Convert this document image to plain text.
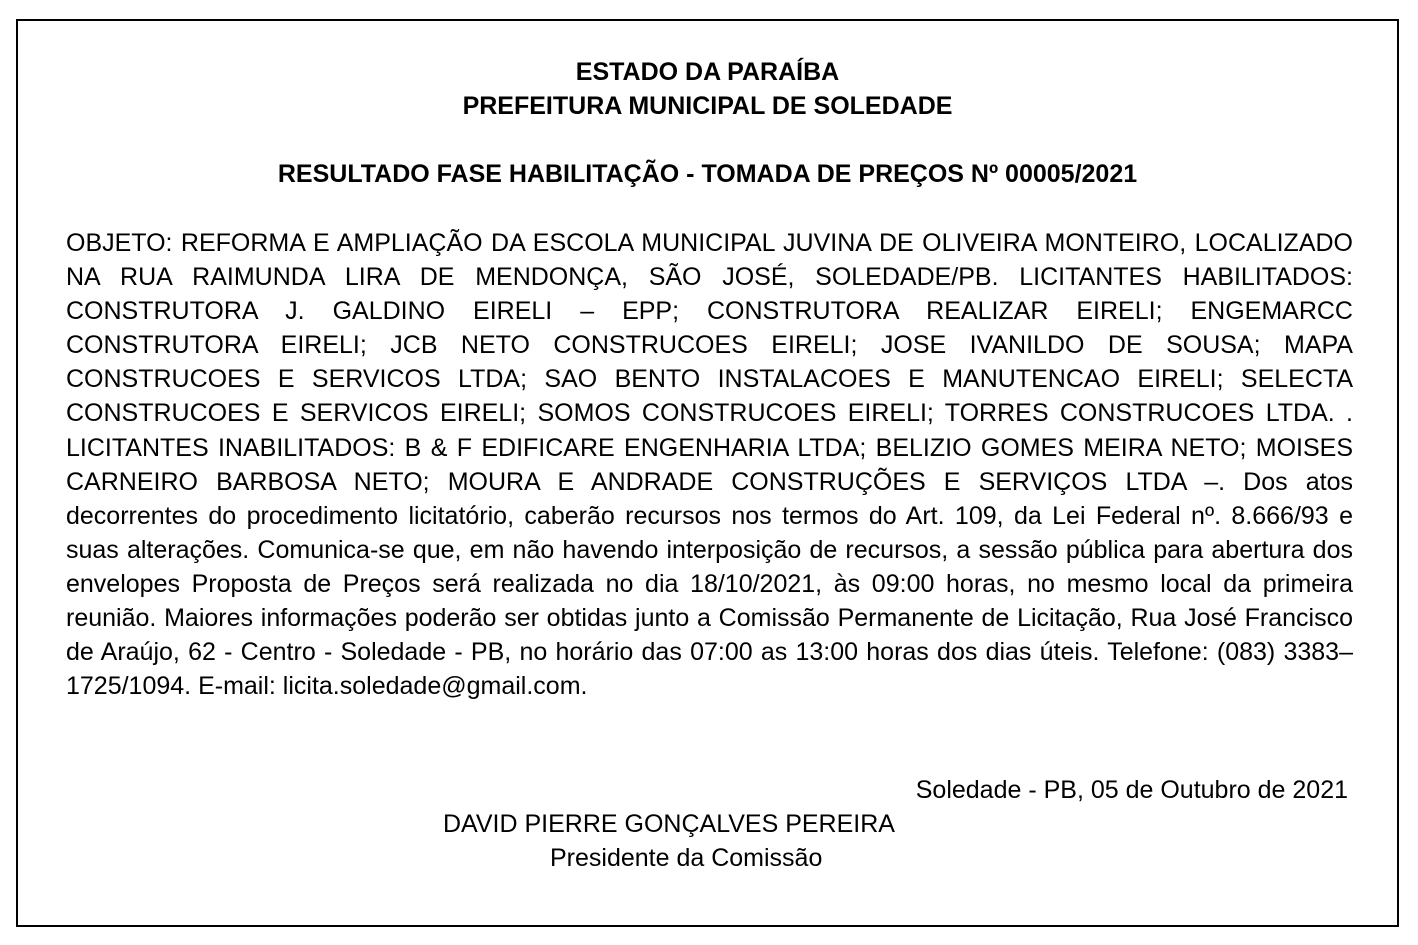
ESTADO DA PARAÍBA
PREFEITURA MUNICIPAL DE SOLEDADE
RESULTADO FASE HABILITAÇÃO - TOMADA DE PREÇOS Nº 00005/2021

OBJETO: REFORMA E AMPLIAÇÃO DA ESCOLA MUNICIPAL JUVINA DE OLIVEIRA MONTEIRO, LOCALIZADO NA RUA RAIMUNDA LIRA DE MENDONÇA, SÃO JOSÉ, SOLEDADE/PB. LICITANTES HABILITADOS: CONSTRUTORA J. GALDINO EIRELI – EPP; CONSTRUTORA REALIZAR EIRELI; ENGEMARCC CONSTRUTORA EIRELI; JCB NETO CONSTRUCOES EIRELI; JOSE IVANILDO DE SOUSA; MAPA CONSTRUCOES E SERVICOS LTDA; SAO BENTO INSTALACOES E MANUTENCAO EIRELI; SELECTA CONSTRUCOES E SERVICOS EIRELI; SOMOS CONSTRUCOES EIRELI; TORRES CONSTRUCOES LTDA. . LICITANTES INABILITADOS: B & F EDIFICARE ENGENHARIA LTDA; BELIZIO GOMES MEIRA NETO; MOISES CARNEIRO BARBOSA NETO; MOURA E ANDRADE CONSTRUÇÕES E SERVIÇOS LTDA –. Dos atos decorrentes do procedimento licitatório, caberão recursos nos termos do Art. 109, da Lei Federal nº. 8.666/93 e suas alterações. Comunica-se que, em não havendo interposição de recursos, a sessão pública para abertura dos envelopes Proposta de Preços será realizada no dia 18/10/2021, às 09:00 horas, no mesmo local da primeira reunião. Maiores informações poderão ser obtidas junto a Comissão Permanente de Licitação, Rua José Francisco de Araújo, 62 - Centro - Soledade - PB, no horário das 07:00 as 13:00 horas dos dias úteis. Telefone: (083) 3383–1725/1094. E-mail: licita.soledade@gmail.com.

Soledade - PB, 05 de Outubro de 2021
DAVID PIERRE GONÇALVES PEREIRA
Presidente da Comissão
